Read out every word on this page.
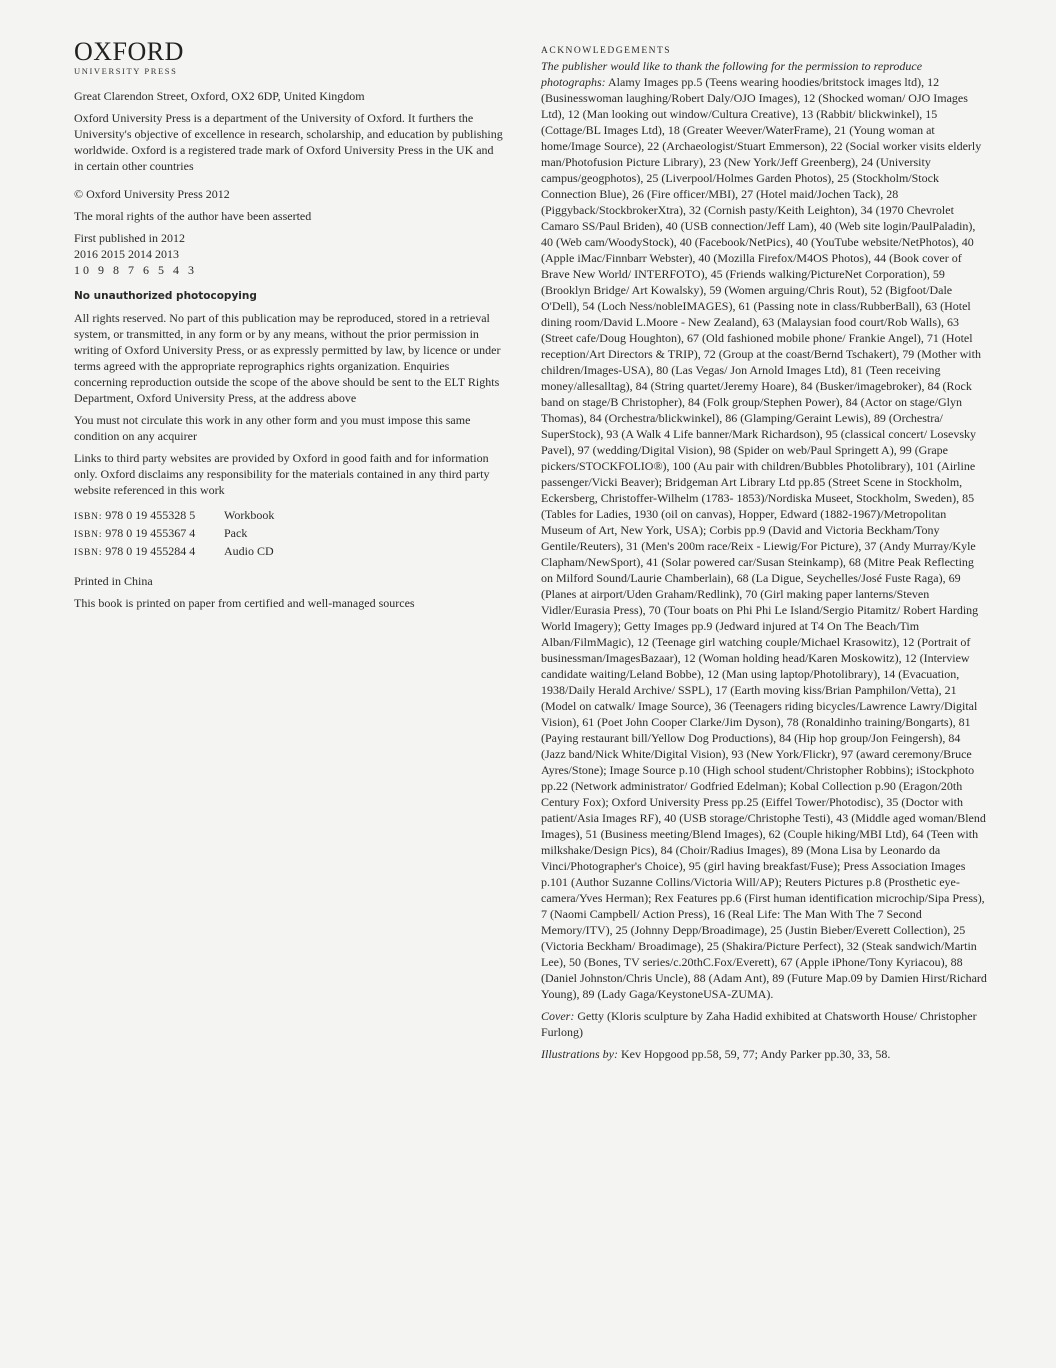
OXFORD
UNIVERSITY PRESS

Great Clarendon Street, Oxford, OX2 6DP, United Kingdom

Oxford University Press is a department of the University of Oxford. It furthers the University's objective of excellence in research, scholarship, and education by publishing worldwide. Oxford is a registered trade mark of Oxford University Press in the UK and in certain other countries

© Oxford University Press 2012

The moral rights of the author have been asserted

First published in 2012

2016 2015 2014 2013

10 9 8 7 6 5 4 3

No unauthorized photocopying

All rights reserved. No part of this publication may be reproduced, stored in a retrieval system, or transmitted, in any form or by any means, without the prior permission in writing of Oxford University Press, or as expressly permitted by law, by licence or under terms agreed with the appropriate reprographics rights organization. Enquiries concerning reproduction outside the scope of the above should be sent to the ELT Rights Department, Oxford University Press, at the address above

You must not circulate this work in any other form and you must impose this same condition on any acquirer

Links to third party websites are provided by Oxford in good faith and for information only. Oxford disclaims any responsibility for the materials contained in any third party website referenced in this work

ISBN: 978 0 19 455328 5	Workbook
ISBN: 978 0 19 455367 4	Pack
ISBN: 978 0 19 455284 4	Audio CD

Printed in China

This book is printed on paper from certified and well-managed sources

ACKNOWLEDGEMENTS

The publisher would like to thank the following for the permission to reproduce photographs: Alamy Images pp.5 (Teens wearing hoodies/britstock images ltd), 12 (Businesswoman laughing/Robert Daly/OJO Images), 12 (Shocked woman/ OJO Images Ltd), 12 (Man looking out window/Cultura Creative), 13 (Rabbit/ blickwinkel), 15 (Cottage/BL Images Ltd), 18 (Greater Weever/WaterFrame), 21 (Young woman at home/Image Source), 22 (Archaeologist/Stuart Emmerson), 22 (Social worker visits elderly man/Photofusion Picture Library), 23 (New York/Jeff Greenberg), 24 (University campus/geogphotos), 25 (Liverpool/Holmes Garden Photos), 25 (Stockholm/Stock Connection Blue), 26 (Fire officer/MBI), 27 (Hotel maid/Jochen Tack), 28 (Piggyback/StockbrokerXtra), 32 (Cornish pasty/Keith Leighton), 34 (1970 Chevrolet Camaro SS/Paul Briden), 40 (USB connection/Jeff Lam), 40 (Web site login/PaulPaladin), 40 (Web cam/WoodyStock), 40 (Facebook/NetPics), 40 (YouTube website/NetPhotos), 40 (Apple iMac/Finnbarr Webster), 40 (Mozilla Firefox/M4OS Photos), 44 (Book cover of Brave New World/ INTERFOTO), 45 (Friends walking/PictureNet Corporation), 59 (Brooklyn Bridge/ Art Kowalsky), 59 (Women arguing/Chris Rout), 52 (Bigfoot/Dale O'Dell), 54 (Loch Ness/nobleIMAGES), 61 (Passing note in class/RubberBall), 63 (Hotel dining room/David L.Moore - New Zealand), 63 (Malaysian food court/Rob Walls), 63 (Street cafe/Doug Houghton), 67 (Old fashioned mobile phone/ Frankie Angel), 71 (Hotel reception/Art Directors & TRIP), 72 (Group at the coast/Bernd Tschakert), 79 (Mother with children/Images-USA), 80 (Las Vegas/ Jon Arnold Images Ltd), 81 (Teen receiving money/allesalltag), 84 (String quartet/Jeremy Hoare), 84 (Busker/imagebroker), 84 (Rock band on stage/B Christopher), 84 (Folk group/Stephen Power), 84 (Actor on stage/Glyn Thomas), 84 (Orchestra/blickwinkel), 86 (Glamping/Geraint Lewis), 89 (Orchestra/ SuperStock), 93 (A Walk 4 Life banner/Mark Richardson), 95 (classical concert/ Losevsky Pavel), 97 (wedding/Digital Vision), 98 (Spider on web/Paul Springett A), 99 (Grape pickers/STOCKFOLIO®), 100 (Au pair with children/Bubbles Photolibrary), 101 (Airline passenger/Vicki Beaver); Bridgeman Art Library Ltd pp.85 (Street Scene in Stockholm, Eckersberg, Christoffer-Wilhelm (1783- 1853)/Nordiska Museet, Stockholm, Sweden), 85 (Tables for Ladies, 1930 (oil on canvas), Hopper, Edward (1882-1967)/Metropolitan Museum of Art, New York, USA); Corbis pp.9 (David and Victoria Beckham/Tony Gentile/Reuters), 31 (Men's 200m race/Reix - Liewig/For Picture), 37 (Andy Murray/Kyle Clapham/NewSport), 41 (Solar powered car/Susan Steinkamp), 68 (Mitre Peak Reflecting on Milford Sound/Laurie Chamberlain), 68 (La Digue, Seychelles/José Fuste Raga), 69 (Planes at airport/Uden Graham/Redlink), 70 (Girl making paper lanterns/Steven Vidler/Eurasia Press), 70 (Tour boats on Phi Phi Le Island/Sergio Pitamitz/ Robert Harding World Imagery); Getty Images pp.9 (Jedward injured at T4 On The Beach/Tim Alban/FilmMagic), 12 (Teenage girl watching couple/Michael Krasowitz), 12 (Portrait of businessman/ImagesBazaar), 12 (Woman holding head/Karen Moskowitz), 12 (Interview candidate waiting/Leland Bobbe), 12 (Man using laptop/Photolibrary), 14 (Evacuation, 1938/Daily Herald Archive/ SSPL), 17 (Earth moving kiss/Brian Pamphilon/Vetta), 21 (Model on catwalk/ Image Source), 36 (Teenagers riding bicycles/Lawrence Lawry/Digital Vision), 61 (Poet John Cooper Clarke/Jim Dyson), 78 (Ronaldinho training/Bongarts), 81 (Paying restaurant bill/Yellow Dog Productions), 84 (Hip hop group/Jon Feingersh), 84 (Jazz band/Nick White/Digital Vision), 93 (New York/Flickr), 97 (award ceremony/Bruce Ayres/Stone); Image Source p.10 (High school student/Christopher Robbins); iStockphoto pp.22 (Network administrator/ Godfried Edelman); Kobal Collection p.90 (Eragon/20th Century Fox); Oxford University Press pp.25 (Eiffel Tower/Photodisc), 35 (Doctor with patient/Asia Images RF), 40 (USB storage/Christophe Testi), 43 (Middle aged woman/Blend Images), 51 (Business meeting/Blend Images), 62 (Couple hiking/MBI Ltd), 64 (Teen with milkshake/Design Pics), 84 (Choir/Radius Images), 89 (Mona Lisa by Leonardo da Vinci/Photographer's Choice), 95 (girl having breakfast/Fuse); Press Association Images p.101 (Author Suzanne Collins/Victoria Will/AP); Reuters Pictures p.8 (Prosthetic eye-camera/Yves Herman); Rex Features pp.6 (First human identification microchip/Sipa Press), 7 (Naomi Campbell/ Action Press), 16 (Real Life: The Man With The 7 Second Memory/ITV), 25 (Johnny Depp/Broadimage), 25 (Justin Bieber/Everett Collection), 25 (Victoria Beckham/ Broadimage), 25 (Shakira/Picture Perfect), 32 (Steak sandwich/Martin Lee), 50 (Bones, TV series/c.20thC.Fox/Everett), 67 (Apple iPhone/Tony Kyriacou), 88 (Daniel Johnston/Chris Uncle), 88 (Adam Ant), 89 (Future Map.09 by Damien Hirst/Richard Young), 89 (Lady Gaga/KeystoneUSA-ZUMA).

Cover: Getty (Kloris sculpture by Zaha Hadid exhibited at Chatsworth House/ Christopher Furlong)

Illustrations by: Kev Hopgood pp.58, 59, 77; Andy Parker pp.30, 33, 58.
